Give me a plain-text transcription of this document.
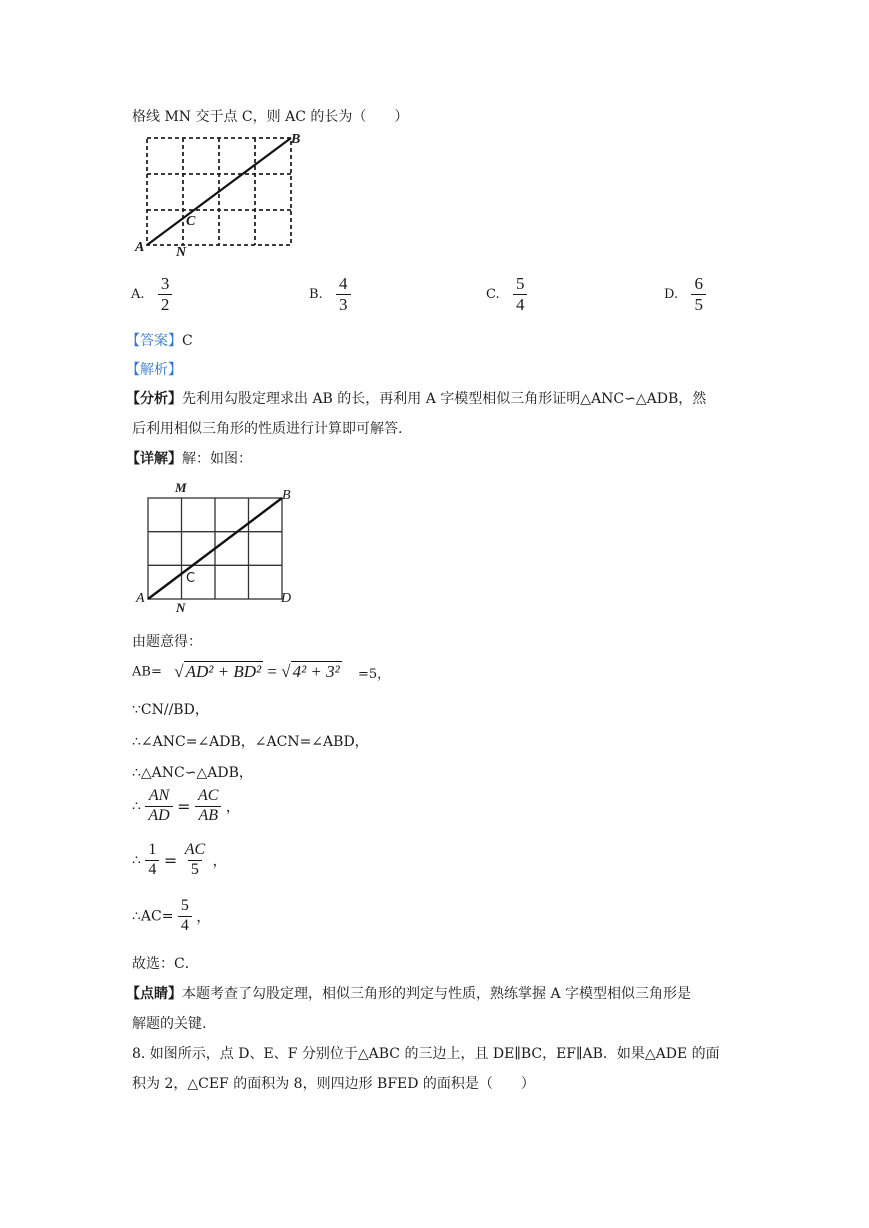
格线 MN 交于点 C，则 AC 的长为（　　）
B
C
A N
A. $\frac{3}{2}$	B. $\frac{4}{3}$	C. $\frac{5}{4}$	D. $\frac{6}{5}$
【答案】C
【解析】
【分析】先利用勾股定理求出 AB 的长，再利用 A 字模型相似三角形证明△ANC∽△ADB，然
后利用相似三角形的性质进行计算即可解答.
【详解】解：如图：
M
B
C
A
N
D
由题意得：
AB= √ AD² + BD² = √ 4² + 3² =5，
∵CN//BD，
∴∠ANC=∠ADB，∠ACN=∠ABD，
∴△ANC∽△ADB，
∴ $\frac{AN}{AD} = \frac{AC}{AB}$ ，
∴ $\frac{1}{4} = \frac{AC}{5}$ ，
∴AC= $\frac{5}{4}$ ，
故选：C．
【点睛】本题考查了勾股定理，相似三角形的判定与性质，熟练掌握 A 字模型相似三角形是
解题的关键.
8. 如图所示，点 D、E、F 分别位于△ABC 的三边上，且 DE∥BC，EF∥AB．如果△ADE 的面
积为 2，△CEF 的面积为 8，则四边形 BFED 的面积是（　　）
